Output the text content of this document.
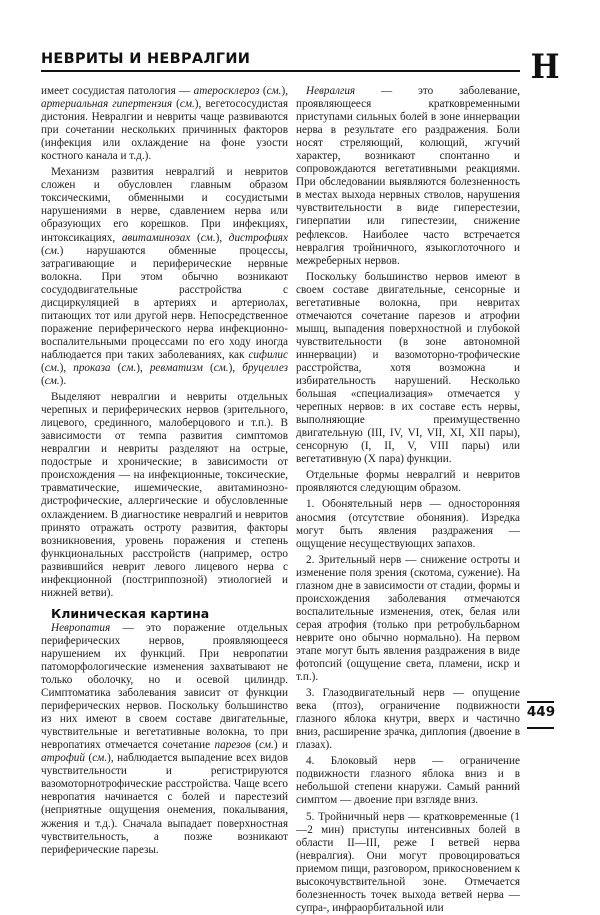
НЕВРИТЫ И НЕВРАЛГИИ	Н

имеет сосудистая патология — атеросклероз (см.), артериальная гипертензия (см.), вегетососудистая дистония. Невралгии и невриты чаще развиваются при сочетании нескольких причинных факторов (инфекция или охлаждение на фоне узости костного канала и т.д.).

Механизм развития невралгий и невритов сложен и обусловлен главным образом токсическими, обменными и сосудистыми нарушениями в нерве, сдавлением нерва или образующих его корешков. При инфекциях, интоксикациях, авитаминозах (см.), дистрофиях (см.) нарушаются обменные процессы, затрагивающие и периферические нервные волокна. При этом обычно возникают сосудодвигательные расстройства с дисциркуляцией в артериях и артериолах, питающих тот или другой нерв. Непосредственное поражение периферического нерва инфекционно-воспалительными процессами по его ходу иногда наблюдается при таких заболеваниях, как сифилис (см.), проказа (см.), ревматизм (см.), бруцеллез (см.).

Выделяют невралгии и невриты отдельных черепных и периферических нервов (зрительного, лицевого, срединного, малоберцового и т.п.). В зависимости от темпа развития симптомов невралгии и невриты разделяют на острые, подострые и хронические; в зависимости от происхождения — на инфекционные, токсические, травматические, ишемические, авитаминозно-дистрофические, аллергические и обусловленные охлаждением. В диагностике невралгий и невритов принято отражать остроту развития, факторы возникновения, уровень поражения и степень функциональных расстройств (например, остро развившийся неврит левого лицевого нерва с инфекционной (постгриппозной) этиологией и нижней ветви).

Клиническая картина

Невропатия — это поражение отдельных периферических нервов, проявляющееся нарушением их функций. При невропатии патоморфологические изменения захватывают не только оболочку, но и осевой цилиндр. Симптоматика заболевания зависит от функции периферических нервов. Поскольку большинство из них имеют в своем составе двигательные, чувствительные и вегетативные волокна, то при невропатиях отмечается сочетание парезов (см.) и атрофий (см.), наблюдается выпадение всех видов чувствительности и регистрируются вазомоторнотрофические расстройства. Чаще всего невропатия начинается с болей и парестезий (неприятные ощущения онемения, покалывания, жжения и т.д.). Сначала выпадает поверхностная чувствительность, а позже возникают периферические парезы.

Невралгия — это заболевание, проявляющееся кратковременными приступами сильных болей в зоне иннервации нерва в результате его раздражения. Боли носят стреляющий, колющий, жгучий характер, возникают спонтанно и сопровождаются вегетативными реакциями. При обследовании выявляются болезненность в местах выхода нервных стволов, нарушения чувствительности в виде гиперестезии, гиперпатии или гипестезии, снижение рефлексов. Наиболее часто встречается невралгия тройничного, языкоглоточного и межреберных нервов.

Поскольку большинство нервов имеют в своем составе двигательные, сенсорные и вегетативные волокна, при невритах отмечаются сочетание парезов и атрофии мышц, выпадения поверхностной и глубокой чувствительности (в зоне автономной иннервации) и вазомоторно-трофические расстройства, хотя возможна и избирательность нарушений. Несколько большая «специализация» отмечается у черепных нервов: в их составе есть нервы, выполняющие преимущественно двигательную (III, IV, VI, VII, XI, XII пары), сенсорную (I, II, V, VIII пары) или вегетативную (X пара) функции.

Отдельные формы невралгий и невритов проявляются следующим образом.

1. Обонятельный нерв — односторонняя аносмия (отсутствие обоняния). Изредка могут быть явления раздражения — ощущение несуществующих запахов.

2. Зрительный нерв — снижение остроты и изменение поля зрения (скотома, сужение). На глазном дне в зависимости от стадии, формы и происхождения заболевания отмечаются воспалительные изменения, отек, белая или серая атрофия (только при ретробульбарном неврите оно обычно нормально). На первом этапе могут быть явления раздражения в виде фотопсий (ощущение света, пламени, искр и т.п.).

3. Глазодвигательный нерв — опущение века (птоз), ограничение подвижности глазного яблока кнутри, вверх и частично вниз, расширение зрачка, диплопия (двоение в глазах).

4. Блоковый нерв — ограничение подвижности глазного яблока вниз и в небольшой степени кнаружи. Самый ранний симптом — двоение при взгляде вниз.

5. Тройничный нерв — кратковременные (1—2 мин) приступы интенсивных болей в области II—III, реже I ветвей нерва (невралгия). Они могут провоцироваться приемом пищи, разговором, прикосновением к высокочувствительной зоне. Отмечается болезненность точек выхода ветвей нерва — супра-, инфраорбитальной или

449
